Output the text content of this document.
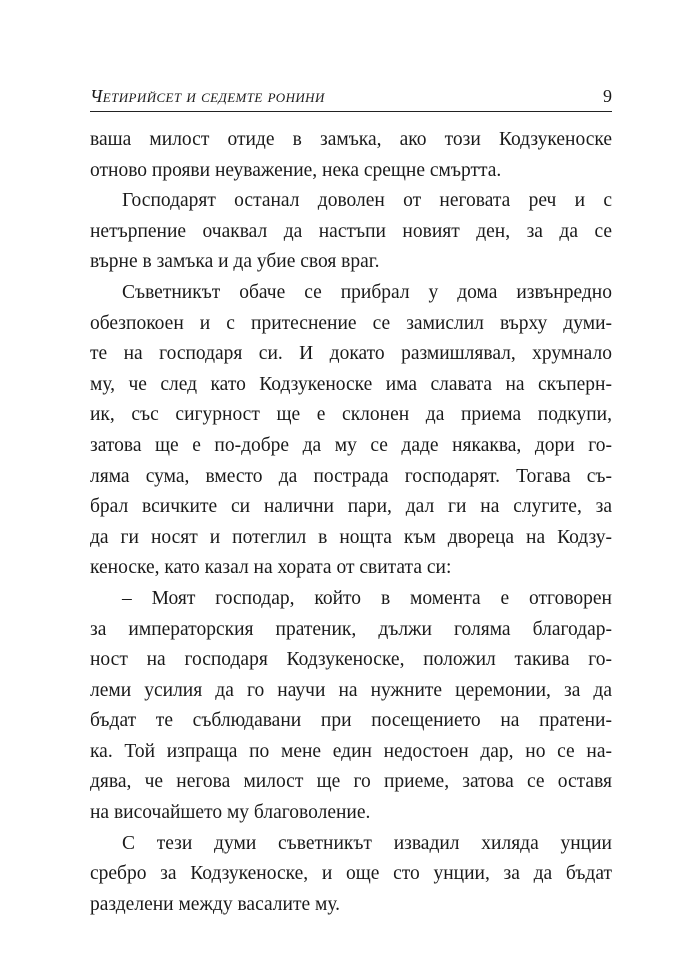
Четирийсет и седемте ронини	9
ваша милост отиде в замъка, ако този Кодзукеноске
отново прояви неуважение, нека срещне смъртта.
Господарят останал доволен от неговата реч и с
нетърпение очаквал да настъпи новият ден, за да се
върне в замъка и да убие своя враг.
Съветникът обаче се прибрал у дома извънредно
обезпокоен и с притеснение се замислил върху думи-
те на господаря си. И докато размишлявал, хрумнало
му, че след като Кодзукеноске има славата на скъперн-
ик, със сигурност ще е склонен да приема подкупи,
затова ще е по-добре да му се даде някаква, дори го-
ляма сума, вместо да пострада господарят. Тогава съ-
брал всичките си налични пари, дал ги на слугите, за
да ги носят и потеглил в нощта към двореца на Кодзу-
кеноске, като казал на хората от свитата си:
– Моят господар, който в момента е отговорен
за императорския пратеник, дължи голяма благодар-
ност на господаря Кодзукеноске, положил такива го-
леми усилия да го научи на нужните церемонии, за да
бъдат те съблюдавани при посещението на пратени-
ка. Той изпраща по мене един недостоен дар, но се на-
дява, че негова милост ще го приеме, затова се оставя
на височайшето му благоволение.
С тези думи съветникът извадил хиляда унции
сребро за Кодзукеноске, и още сто унции, за да бъдат
разделени между васалите му.
